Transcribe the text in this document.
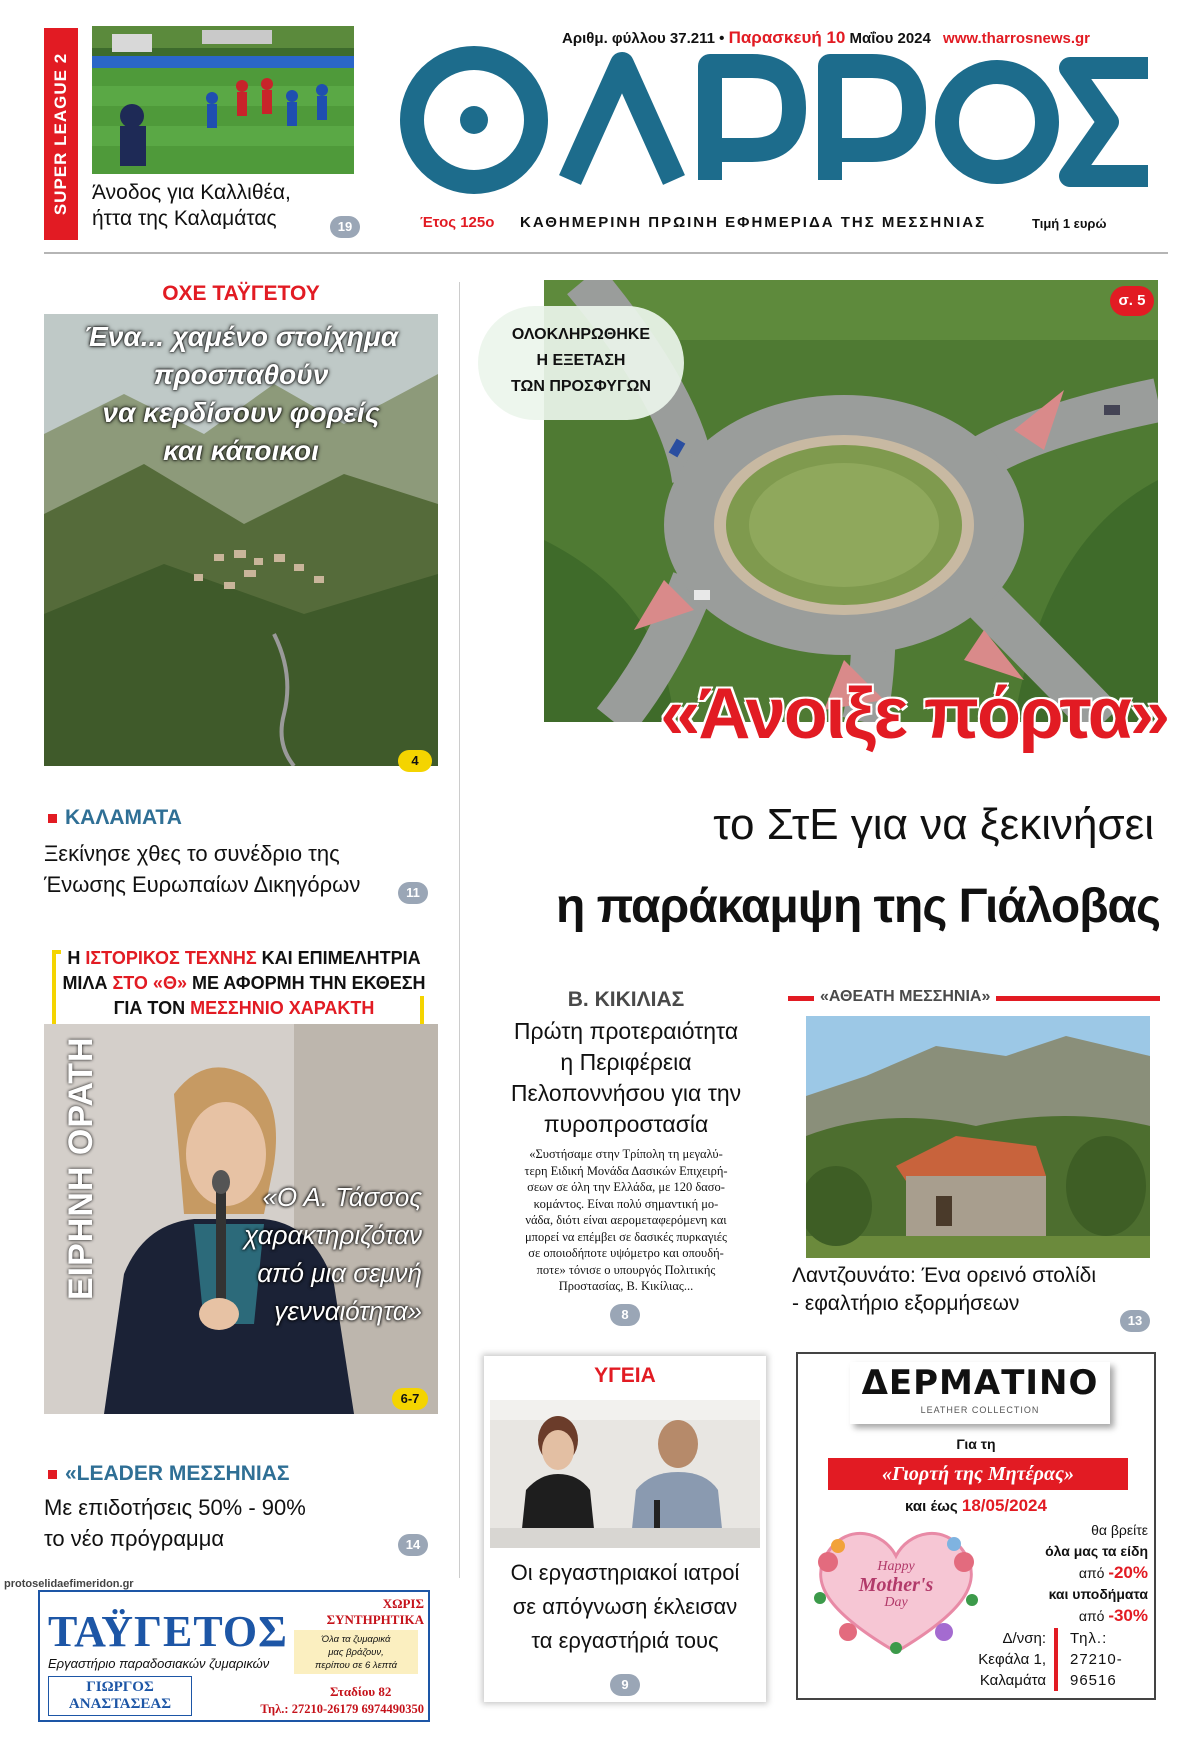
SUPER LEAGUE 2 Άνοδος για Καλλιθέα,
ήττα της Καλαμάτας	19
Αριθμ. φύλλου 37.211 • Παρασκευή 10 Μαΐου 2024 www.tharrosnews.gr
Έτος 125ο ΚΑΘΗΜΕΡΙΝΗ ΠΡΩΙΝΗ ΕΦΗΜΕΡΙΔΑ ΤΗΣ ΜΕΣΣΗΝΙΑΣ	Τιμή 1 ευρώ
ΟΧΕ ΤΑΫΓΕΤΟΥ
Ένα... χαμένο στοίχημα
προσπαθούν
να κερδίσουν φορείς
και κάτοικοι
4
ΚΑΛΑΜΑΤΑ
Ξεκίνησε χθες το συνέδριο της
Ένωσης Ευρωπαίων Δικηγόρων	11
Η ΙΣΤΟΡΙΚΟΣ ΤΕΧΝΗΣ ΚΑΙ ΕΠΙΜΕΛΗΤΡΙΑ
ΜΙΛΑ ΣΤΟ «Θ» ΜΕ ΑΦΟΡΜΗ ΤΗΝ ΕΚΘΕΣΗ
ΓΙΑ ΤΟΝ ΜΕΣΣΗΝΙΟ ΧΑΡΑΚΤΗ
ΕΙΡΗΝΗ ΟΡΑΤΗ	«Ο Α. Τάσσος
χαρακτηριζόταν
από μια σεμνή
γενναιότητα»
6-7
«LEADER ΜΕΣΣΗΝΙΑΣ
Με επιδοτήσεις 50% - 90%
το νέο πρόγραμμα	14
protoselidaefimeridon.gr
ΤΑΫΓΕΤΟΣ
Εργαστήριο παραδοσιακών ζυμαρικών
ΓΙΩΡΓΟΣ
ΑΝΑΣΤΑΣΕΑΣ
ΧΩΡΙΣ
ΣΥΝΤΗΡΗΤΙΚΑ
Όλα τα ζυμαρικά
μας βράζουν,
περίπου σε 6 λεπτά
Σταδίου 82
Τηλ.: 27210-26179 6974490350
ΟΛΟΚΛΗΡΩΘΗΚΕ
Η ΕΞΕΤΑΣΗ
ΤΩΝ ΠΡΟΣΦΥΓΩΝ
σ. 5
«Άνοιξε πόρτα»
το ΣτΕ για να ξεκινήσει
η παράκαμψη της Γιάλοβας
Β. ΚΙΚΙΛΙΑΣ
Πρώτη προτεραιότητα
η Περιφέρεια
Πελοποννήσου για την
πυροπροστασία
«Συστήσαμε στην Τρίπολη τη μεγαλύ-
τερη Ειδική Μονάδα Δασικών Επιχειρή-
σεων σε όλη την Ελλάδα, με 120 δασο-
κομάντος. Είναι πολύ σημαντική μο-
νάδα, διότι είναι αερομεταφερόμενη και
μπορεί να επέμβει σε δασικές πυρκαγιές
σε οποιοδήποτε υψόμετρο και οπουδή-
ποτε» τόνισε ο υπουργός Πολιτικής
Προστασίας, Β. Κικίλιας...
8
«ΑΘΕΑΤΗ ΜΕΣΣΗΝΙΑ»
Λαντζουνάτο: Ένα ορεινό στολίδι
- εφαλτήριο εξορμήσεων
13
ΥΓΕΙΑ
Οι εργαστηριακοί ιατροί
σε απόγνωση έκλεισαν
τα εργαστήριά τους
9
ΔΕΡΜΑΤΙΝΟ
LEATHER COLLECTION
Για τη
«Γιορτή της Μητέρας»
και έως 18/05/2024
Happy
Mother's
Day
θα βρείτε
όλα μας τα είδη
από -20%
και υποδήματα
από -30%
Δ/νση:
Κεφάλα 1,
Καλαμάτα
Τηλ.:
27210-
96516
